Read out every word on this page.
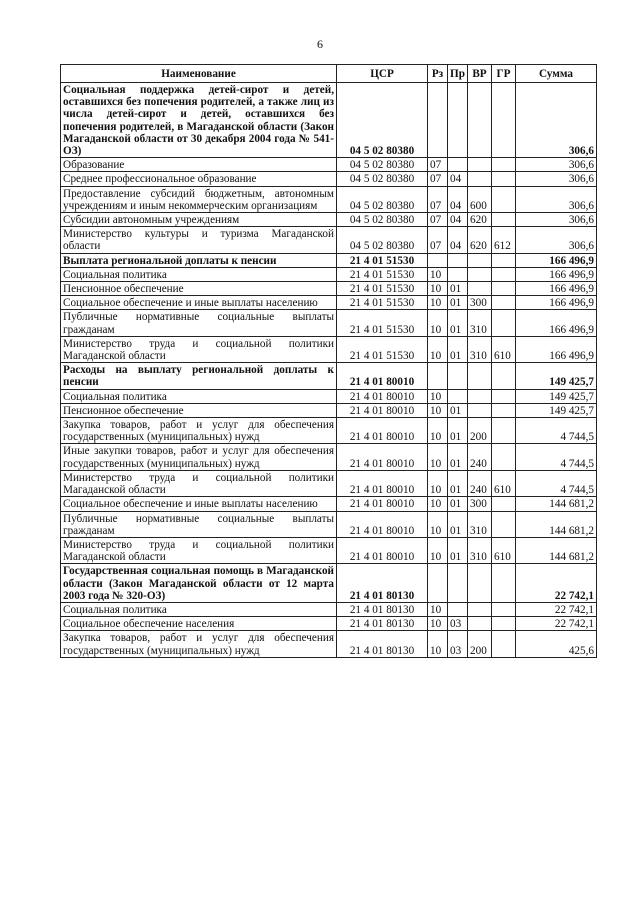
6
Наименование	ЦСР	Рз	Пр	ВР	ГР	Сумма
Социальная поддержка детей-сирот и детей, оставшихся без попечения родителей, а также лиц из числа детей-сирот и детей, оставшихся без попечения родителей, в Магаданской области (Закон Магаданской области от 30 декабря 2004 года № 541-ОЗ)	04 5 02 80380					306,6
Образование	04 5 02 80380	07				306,6
Среднее профессиональное образование	04 5 02 80380	07	04			306,6
Предоставление субсидий бюджетным, автономным учреждениям и иным некоммерческим организациям	04 5 02 80380	07	04	600		306,6
Субсидии автономным учреждениям	04 5 02 80380	07	04	620		306,6
Министерство культуры и туризма Магаданской области	04 5 02 80380	07	04	620	612	306,6
Выплата региональной доплаты к пенсии	21 4 01 51530					166 496,9
Социальная политика	21 4 01 51530	10				166 496,9
Пенсионное обеспечение	21 4 01 51530	10	01			166 496,9
Социальное обеспечение и иные выплаты населению	21 4 01 51530	10	01	300		166 496,9
Публичные нормативные социальные выплаты гражданам	21 4 01 51530	10	01	310		166 496,9
Министерство труда и социальной политики Магаданской области	21 4 01 51530	10	01	310	610	166 496,9
Расходы на выплату региональной доплаты к пенсии	21 4 01 80010					149 425,7
Социальная политика	21 4 01 80010	10				149 425,7
Пенсионное обеспечение	21 4 01 80010	10	01			149 425,7
Закупка товаров, работ и услуг для обеспечения государственных (муниципальных) нужд	21 4 01 80010	10	01	200		4 744,5
Иные закупки товаров, работ и услуг для обеспечения государственных (муниципальных) нужд	21 4 01 80010	10	01	240		4 744,5
Министерство труда и социальной политики Магаданской области	21 4 01 80010	10	01	240	610	4 744,5
Социальное обеспечение и иные выплаты населению	21 4 01 80010	10	01	300		144 681,2
Публичные нормативные социальные выплаты гражданам	21 4 01 80010	10	01	310		144 681,2
Министерство труда и социальной политики Магаданской области	21 4 01 80010	10	01	310	610	144 681,2
Государственная социальная помощь в Магаданской области (Закон Магаданской области от 12 марта 2003 года № 320-ОЗ)	21 4 01 80130					22 742,1
Социальная политика	21 4 01 80130	10				22 742,1
Социальное обеспечение населения	21 4 01 80130	10	03			22 742,1
Закупка товаров, работ и услуг для обеспечения государственных (муниципальных) нужд	21 4 01 80130	10	03	200		425,6
